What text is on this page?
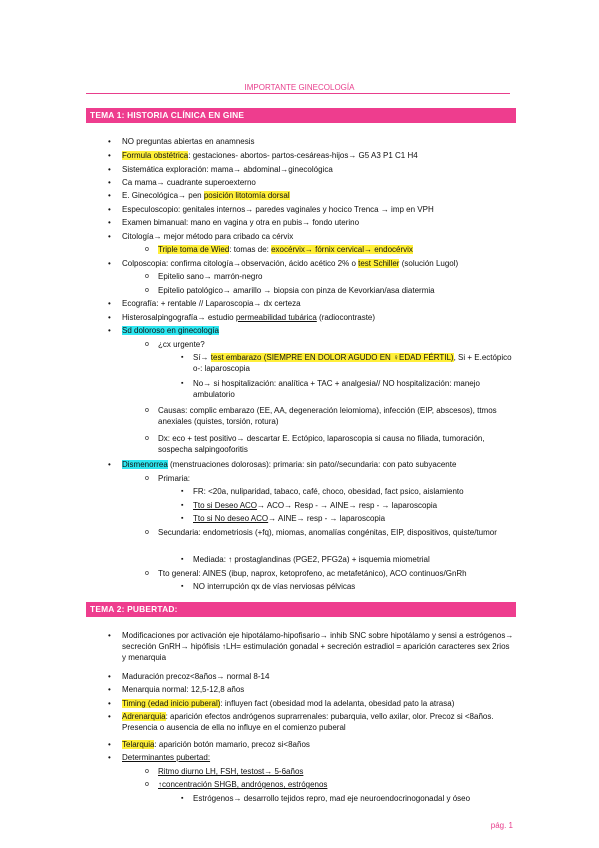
IMPORTANTE GINECOLOGÍA
TEMA 1: HISTORIA CLÍNICA EN GINE
• NO preguntas abiertas en anamnesis
• Formula obstétrica: gestaciones- abortos- partos-cesáreas-hijos→ G5 A3 P1 C1 H4
• Sistemática exploración: mama→ abdominal→ginecológica
• Ca mama→ cuadrante superoexterno
• E. Ginecológica→ pen posición litotomía dorsal
• Especuloscopio: genitales internos→ paredes vaginales y hocico Trenca → imp en VPH
• Examen bimanual: mano en vagina y otra en pubis→ fondo uterino
• Citología→ mejor método para cribado ca cérvix
o Triple toma de Wied: tomas de: exocérvix→ fórnix cervical→ endocérvix
• Colposcopia: confirma citología→observación, ácido acético 2% o test Schiller (solución Lugol)
o Epitelio sano→ marrón-negro
o Epitelio patológico→ amarillo → biopsia con pinza de Kevorkian/asa diatermia
• Ecografía: + rentable // Laparoscopia→ dx certeza
• Histerosalpingografía→ estudio permeabilidad tubárica (radiocontraste)
• Sd doloroso en ginecología
o ¿cx urgente?
▪ Sí→ test embarazo (SIEMPRE EN DOLOR AGUDO EN ♀EDAD FÉRTIL), Si + E.ectópico o-: laparoscopia
▪ No→ si hospitalización: analítica + TAC + analgesia// NO hospitalización: manejo ambulatorio
o Causas: complic embarazo (EE, AA, degeneración leiomioma), infección (EIP, abscesos), ttmos anexiales (quistes, torsión, rotura)
o Dx: eco + test positivo→ descartar E. Ectópico, laparoscopia si causa no filiada, tumoración, sospecha salpingooforitis
• Dismenorrea (menstruaciones dolorosas): primaria: sin pato//secundaria: con pato subyacente
o Primaria:
▪ FR: <20a, nuliparidad, tabaco, café, choco, obesidad, fact psico, aislamiento
▪ Tto si Deseo ACO→ ACO→ Resp - → AINE→ resp - → laparoscopia
▪ Tto si No deseo ACO→ AINE→ resp - → laparoscopia
o Secundaria: endometriosis (+fq), miomas, anomalías congénitas, EIP, dispositivos, quiste/tumor
▪ Mediada: ↑ prostaglandinas (PGE2, PFG2a) + isquemia miometrial
o Tto general: AINES (ibup, naprox, ketoprofeno, ac metafetánico), ACO continuos/GnRh
▪ NO interrupción qx de vías nerviosas pélvicas
TEMA 2: PUBERTAD:
• Modificaciones por activación eje hipotálamo-hipofisario→ inhib SNC sobre hipotálamo y sensi a estrógenos→ secreción GnRH→ hipófisis ↑LH= estimulación gonadal + secreción estradiol = aparición caracteres sex 2rios y menarquia
• Maduración precoz<8años→ normal 8-14
• Menarquia normal: 12,5-12,8 años
• Timing (edad inicio puberal): influyen fact (obesidad mod la adelanta, obesidad pato la atrasa)
• Adrenarquia: aparición efectos andrógenos suprarrenales: pubarquia, vello axilar, olor. Precoz si <8años. Presencia o ausencia de ella no influye en el comienzo puberal
• Telarquia: aparición botón mamario, precoz si<8años
• Determinantes pubertad:
o Ritmo diurno LH, FSH, testost→ 5-6años
o ↑concentración SHGB, andrógenos, estrógenos
▪ Estrógenos→ desarrollo tejidos repro, mad eje neuroendocrinogonadal y óseo
pág. 1
